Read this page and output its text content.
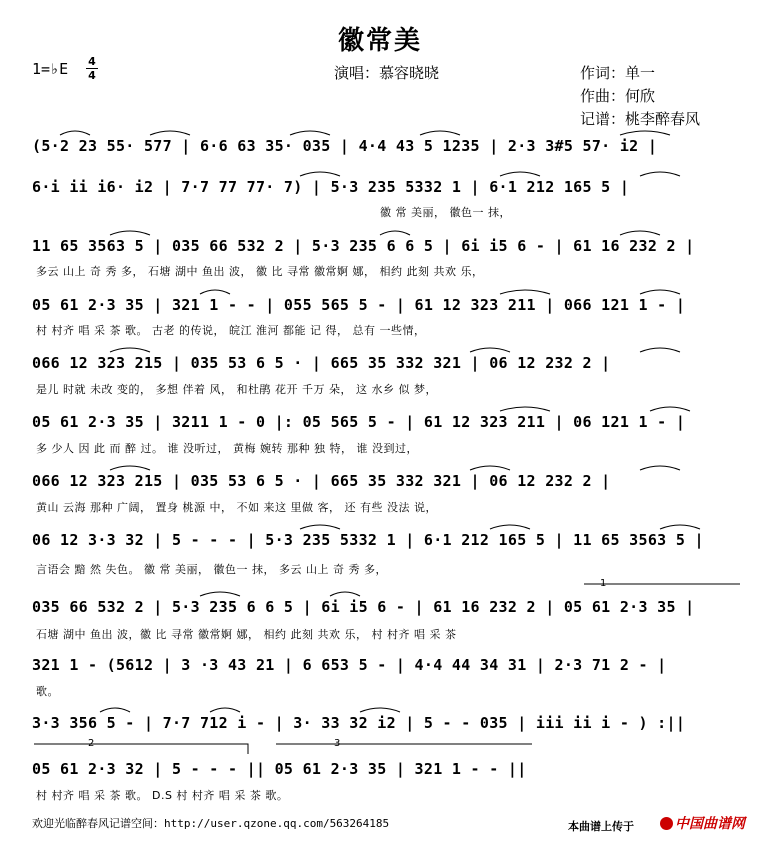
徽常美
1=♭E 4
4	演唱：慕容晓晓	作词：单一
作曲：何欣
记谱：桃李醉春风
(5·2 23 55· 577 | 6·6 63 35· 035 | 4·4 43 5 1235 | 2·3 3#5 57· i2 |
6·i ii i6· i2 | 7·7 77 77· 7) | 5·3 235 5332 1 | 6·1 212 165 5 |
徽 常 美丽， 徽色一 抹，
11 65 3563 5 | 035 66 532 2 | 5·3 235 6 6 5 | 6i i5 6 - | 61 16 232 2 |
多云 山上 奇 秀 多， 石塘 湖中 鱼出 波， 徽 比 寻常 徽常婀 娜， 相约 此刻 共欢 乐，
05 61 2·3 35 | 321 1 - - | 055 565 5 - | 61 12 323 211 | 066 121 1 - |
村 村齐 唱 采 茶 歌。 古老 的传说， 皖江 淮河 都能 记 得， 总有 一些情，
066 12 323 215 | 035 53 6 5 · | 665 35 332 321 | 06 12 232 2 |
是儿 时就 未改 变的， 多想 伴着 风， 和杜鹃 花开 千万 朵， 这 水乡 似 梦，
05 61 2·3 35 | 3211 1 - 0 |: 05 565 5 - | 61 12 323 211 | 06 121 1 - |
多 少人 因 此 而 醉 过。 谁 没听过， 黄梅 婉转 那种 独 特， 谁 没到过，
066 12 323 215 | 035 53 6 5 · | 665 35 332 321 | 06 12 232 2 |
黄山 云海 那种 广阔， 置身 桃源 中， 不如 来这 里做 客， 还 有些 没法 说，
06 12 3·3 32 | 5 - - - | 5·3 235 5332 1 | 6·1 212 165 5 | 11 65 3563 5 |
言语会 黯 然 失色。 徽 常 美丽， 徽色一 抹， 多云 山上 奇 秀 多，
035 66 532 2 | 5·3 235 6 6 5 | 6i i5 6 - | 61 16 232 2 | 05 61 2·3 35 |
石塘 湖中 鱼出 波，徽 比 寻常 徽常婀 娜， 相约 此刻 共欢 乐， 村 村齐 唱 采 茶
321 1 - (5612 | 3 ·3 43 21 | 6 653 5 - | 4·4 44 34 31 | 2·3 71 2 - |
歌。
3·3 356 5 - | 7·7 712 i - | 3· 33 32 i2 | 5 - - 035 | iii ii i - ) :||
05 61 2·3 32 | 5 - - - || 05 61 2·3 35 | 321 1 - - ||
村 村齐 唱 采 茶 歌。 D.S 村 村齐 唱 采 茶 歌。
1
2	3
欢迎光临醉春风记谱空间：http://user.qzone.qq.com/563264185	本曲谱上传于	中国曲谱网
